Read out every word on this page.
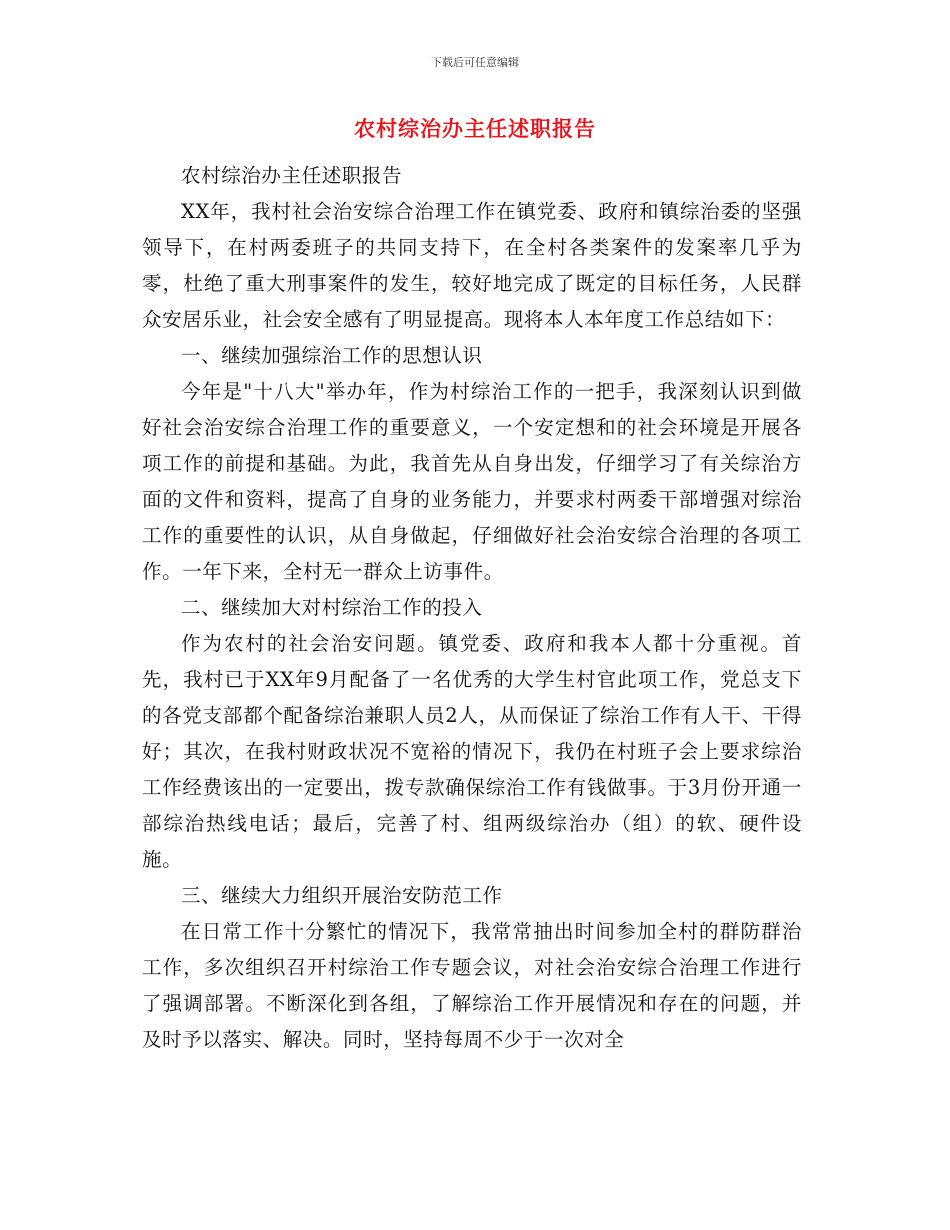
下载后可任意编辑
农村综治办主任述职报告

农村综治办主任述职报告

XX年，我村社会治安综合治理工作在镇党委、政府和镇综治委的坚强领导下，在村两委班子的共同支持下，在全村各类案件的发案率几乎为零，杜绝了重大刑事案件的发生，较好地完成了既定的目标任务，人民群众安居乐业，社会安全感有了明显提高。现将本人本年度工作总结如下：

一、继续加强综治工作的思想认识

今年是"十八大"举办年，作为村综治工作的一把手，我深刻认识到做好社会治安综合治理工作的重要意义，一个安定想和的社会环境是开展各项工作的前提和基础。为此，我首先从自身出发，仔细学习了有关综治方面的文件和资料，提高了自身的业务能力，并要求村两委干部增强对综治工作的重要性的认识，从自身做起，仔细做好社会治安综合治理的各项工作。一年下来，全村无一群众上访事件。

二、继续加大对村综治工作的投入

作为农村的社会治安问题。镇党委、政府和我本人都十分重视。首先，我村已于XX年9月配备了一名优秀的大学生村官此项工作，党总支下的各党支部都个配备综治兼职人员2人，从而保证了综治工作有人干、干得好；其次，在我村财政状况不宽裕的情况下，我仍在村班子会上要求综治工作经费该出的一定要出，拨专款确保综治工作有钱做事。于3月份开通一部综治热线电话；最后，完善了村、组两级综治办（组）的软、硬件设施。

三、继续大力组织开展治安防范工作

在日常工作十分繁忙的情况下，我常常抽出时间参加全村的群防群治工作，多次组织召开村综治工作专题会议，对社会治安综合治理工作进行了强调部署。不断深化到各组，了解综治工作开展情况和存在的问题，并及时予以落实、解决。同时，坚持每周不少于一次对全
